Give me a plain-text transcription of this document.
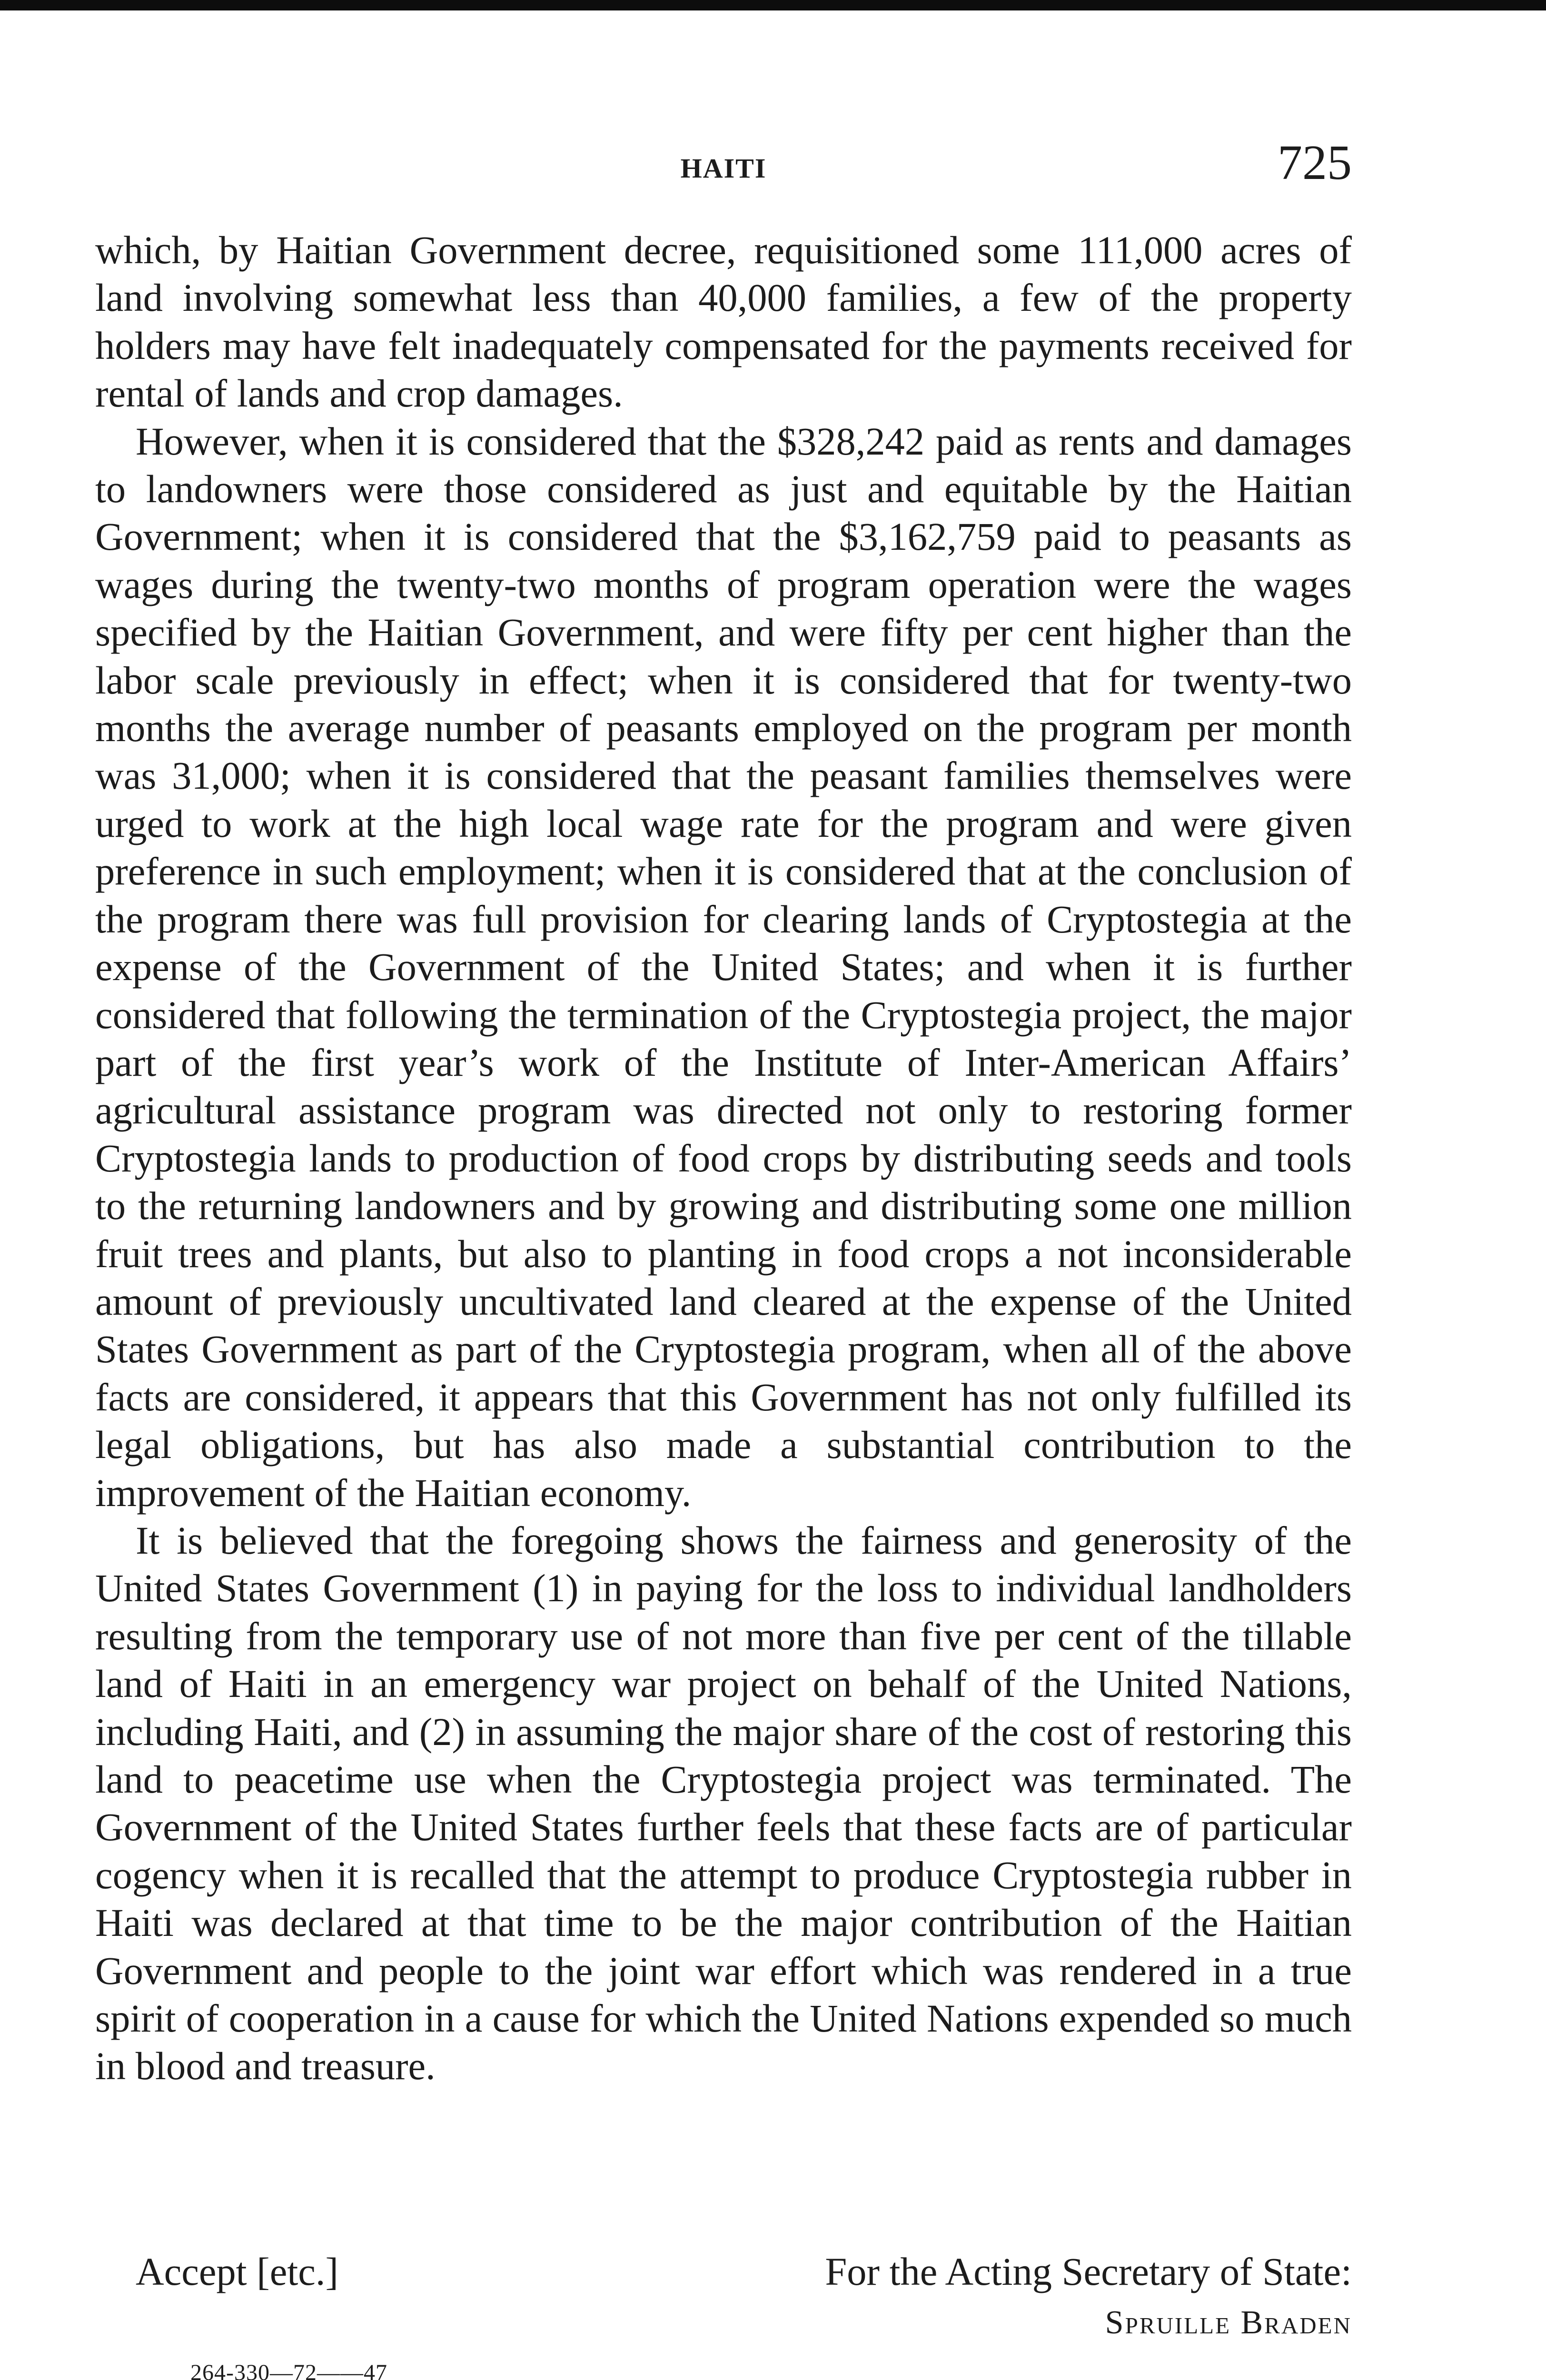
HAITI	725

which, by Haitian Government decree, requisitioned some 111,000 acres of land involving somewhat less than 40,000 families, a few of the property holders may have felt inadequately compensated for the payments received for rental of lands and crop damages.

However, when it is considered that the $328,242 paid as rents and damages to landowners were those considered as just and equitable by the Haitian Government; when it is considered that the $3,162,759 paid to peasants as wages during the twenty-two months of program operation were the wages specified by the Haitian Government, and were fifty per cent higher than the labor scale previously in effect; when it is considered that for twenty-two months the average number of peasants employed on the program per month was 31,000; when it is considered that the peasant families themselves were urged to work at the high local wage rate for the program and were given preference in such employment; when it is considered that at the conclusion of the program there was full provision for clearing lands of Cryptostegia at the expense of the Government of the United States; and when it is further considered that following the termination of the Cryptostegia project, the major part of the first year’s work of the Institute of Inter-American Affairs’ agricultural assistance program was directed not only to restoring former Cryptostegia lands to production of food crops by distributing seeds and tools to the returning landowners and by growing and distributing some one million fruit trees and plants, but also to planting in food crops a not inconsiderable amount of previously uncultivated land cleared at the expense of the United States Government as part of the Cryptostegia program, when all of the above facts are considered, it appears that this Government has not only fulfilled its legal obligations, but has also made a substantial contribution to the improvement of the Haitian economy.

It is believed that the foregoing shows the fairness and generosity of the United States Government (1) in paying for the loss to individual landholders resulting from the temporary use of not more than five per cent of the tillable land of Haiti in an emergency war project on behalf of the United Nations, including Haiti, and (2) in assuming the major share of the cost of restoring this land to peacetime use when the Cryptostegia project was terminated. The Government of the United States further feels that these facts are of particular cogency when it is recalled that the attempt to produce Cryptostegia rubber in Haiti was declared at that time to be the major contribution of the Haitian Government and people to the joint war effort which was rendered in a true spirit of cooperation in a cause for which the United Nations expended so much in blood and treasure.

Accept [etc.]	For the Acting Secretary of State:
Spruille Braden
264-330—72——47
